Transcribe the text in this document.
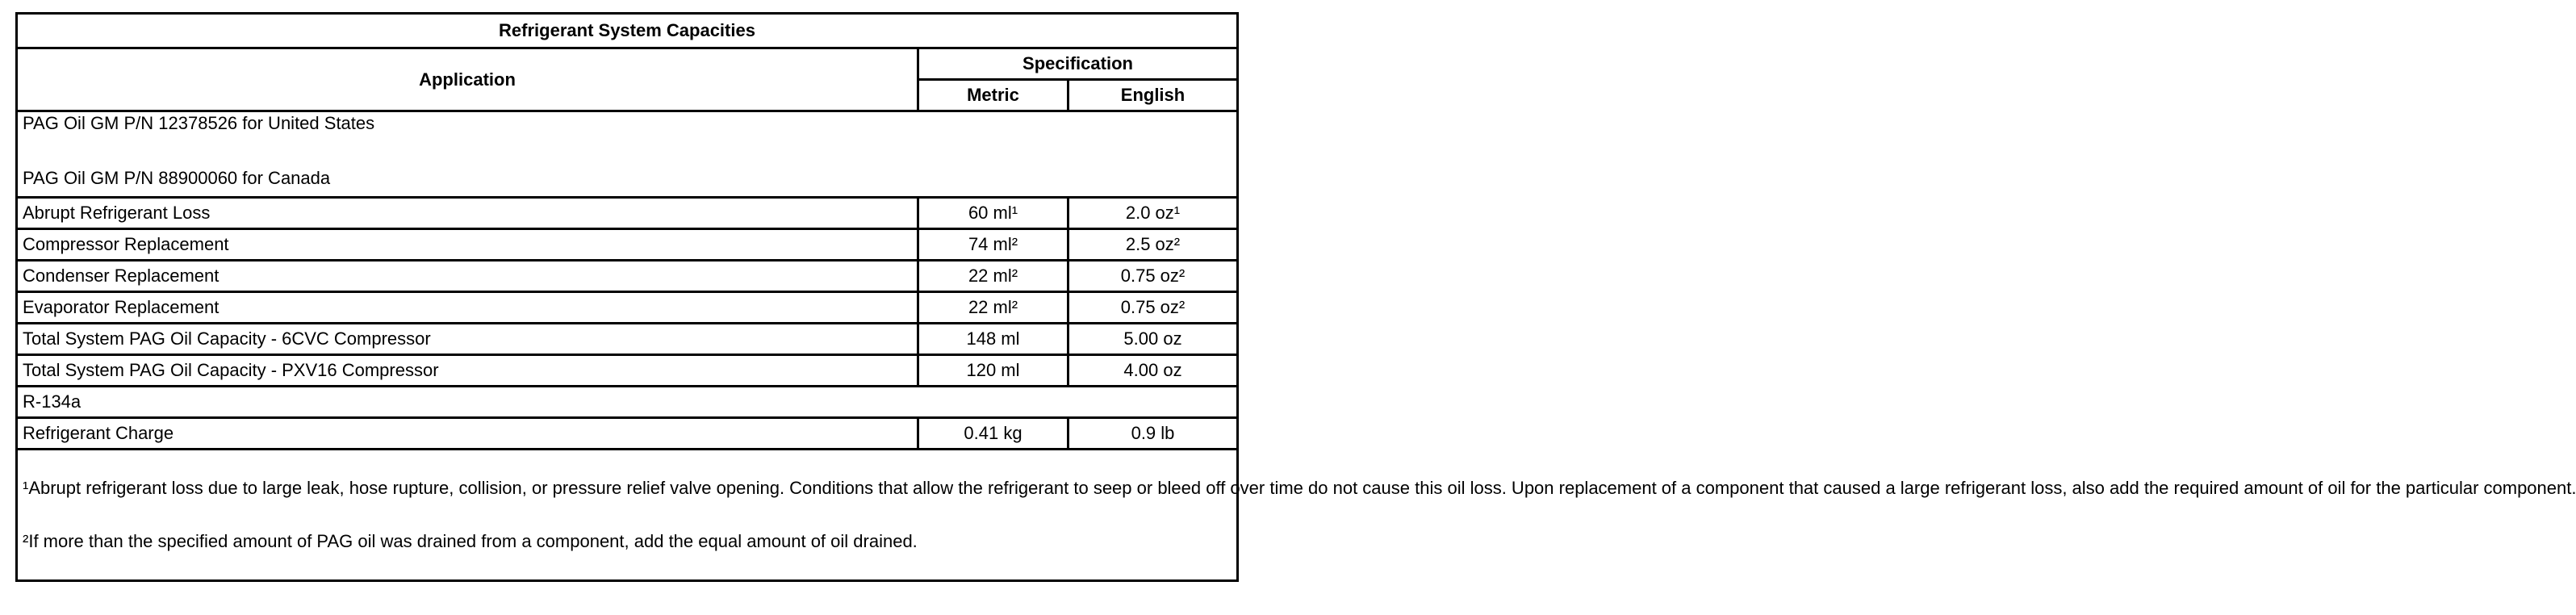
Refrigerant System Capacities		
Application	Specification	
	Metric	English

PAG Oil GM P/N 12378526 for United States
PAG Oil GM P/N 88900060 for Canada		

Abrupt Refrigerant Loss	60 ml¹	2.0 oz¹
Compressor Replacement	74 ml²	2.5 oz²
Condenser Replacement	22 ml²	0.75 oz²
Evaporator Replacement	22 ml²	0.75 oz²
Total System PAG Oil Capacity - 6CVC Compressor	148 ml	5.00 oz
Total System PAG Oil Capacity - PXV16 Compressor	120 ml	4.00 oz
R-134a		
Refrigerant Charge	0.41 kg	0.9 lb

¹Abrupt refrigerant loss due to large leak, hose rupture, collision, or pressure relief valve opening. Conditions that allow the refrigerant to seep or bleed off over time do not cause this oil loss. Upon replacement of a component that caused a large refrigerant loss, also add the required amount of oil for the particular component.

²If more than the specified amount of PAG oil was drained from a component, add the equal amount of oil drained.		
